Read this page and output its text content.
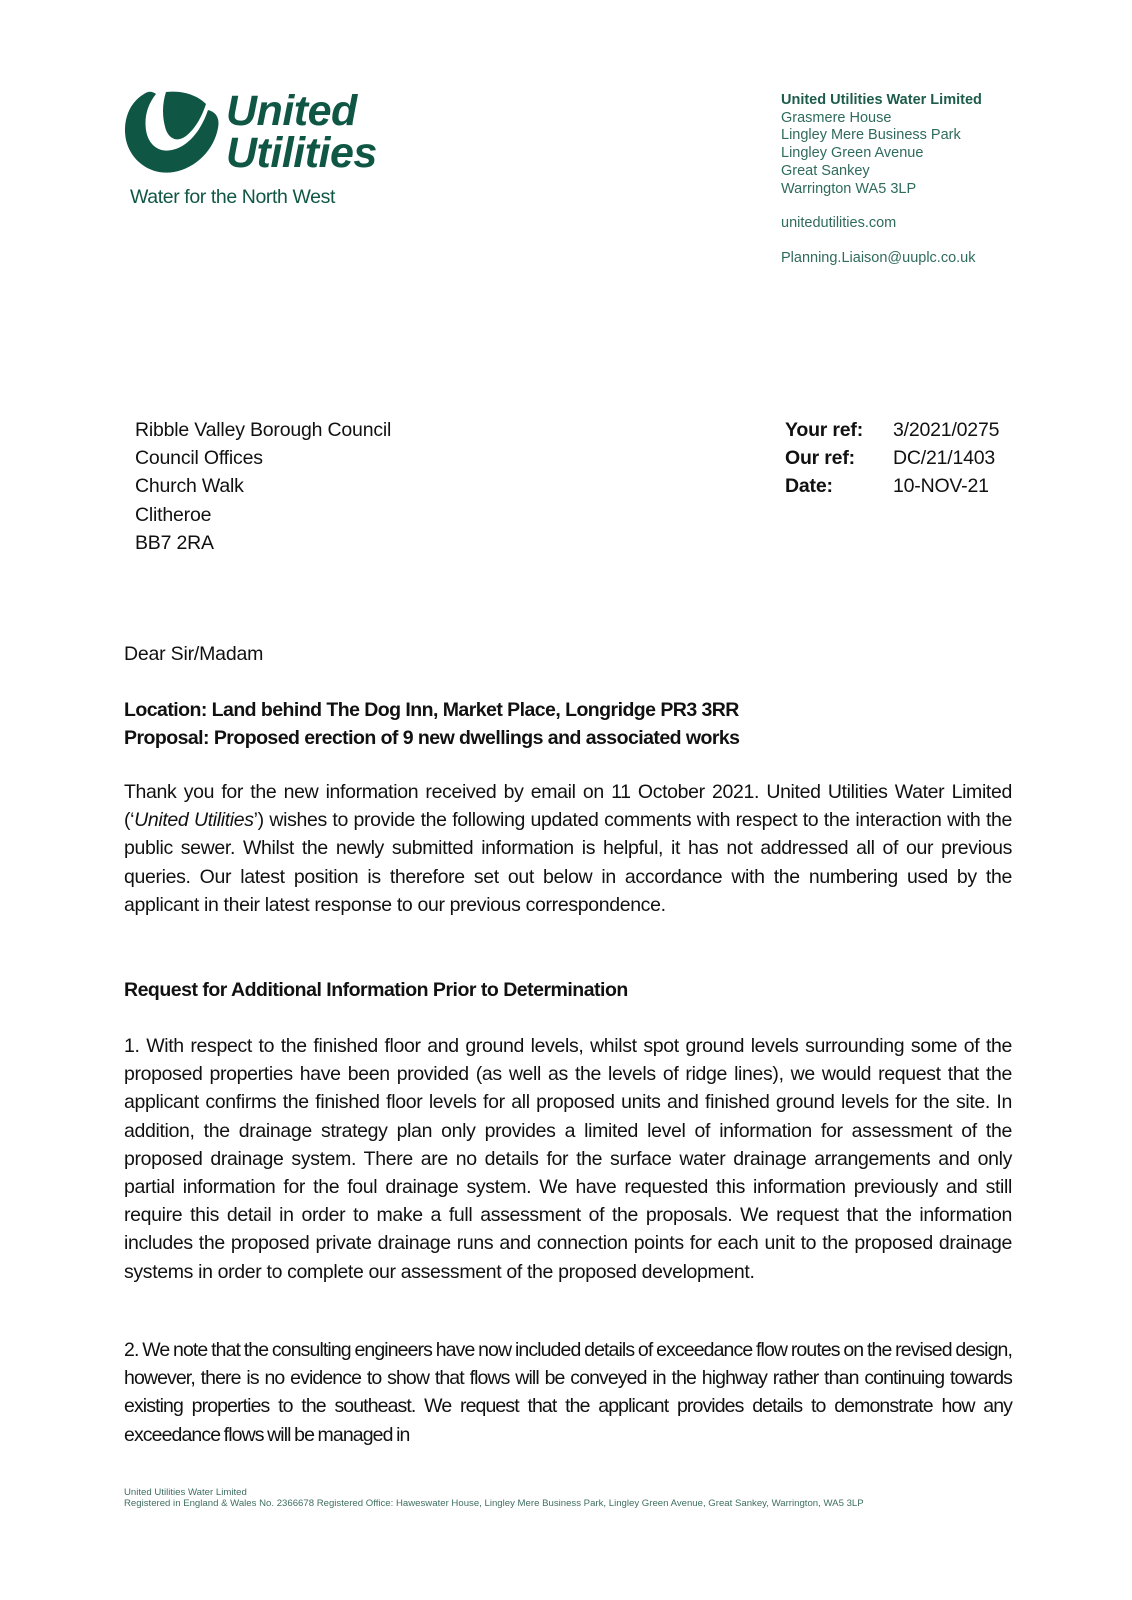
United
Utilities
Water for the North West
United Utilities Water Limited
Grasmere House
Lingley Mere Business Park
Lingley Green Avenue
Great Sankey
Warrington WA5 3LP
unitedutilities.com
Planning.Liaison@uuplc.co.uk
Ribble Valley Borough Council
Council Offices
Church Walk
Clitheroe
BB7 2RA
Your ref:	3/2021/0275
Our ref:	DC/21/1403
Date:	10-NOV-21
Dear Sir/Madam
Location: Land behind The Dog Inn, Market Place, Longridge PR3 3RR
Proposal: Proposed erection of 9 new dwellings and associated works
Thank you for the new information received by email on 11 October 2021. United Utilities Water Limited (‘United Utilities’) wishes to provide the following updated comments with respect to the interaction with the public sewer. Whilst the newly submitted information is helpful, it has not addressed all of our previous queries. Our latest position is therefore set out below in accordance with the numbering used by the applicant in their latest response to our previous correspondence.
Request for Additional Information Prior to Determination
1. With respect to the finished floor and ground levels, whilst spot ground levels surrounding some of the proposed properties have been provided (as well as the levels of ridge lines), we would request that the applicant confirms the finished floor levels for all proposed units and finished ground levels for the site. In addition, the drainage strategy plan only provides a limited level of information for assessment of the proposed drainage system. There are no details for the surface water drainage arrangements and only partial information for the foul drainage system. We have requested this information previously and still require this detail in order to make a full assessment of the proposals. We request that the information includes the proposed private drainage runs and connection points for each unit to the proposed drainage systems in order to complete our assessment of the proposed development.
2. We note that the consulting engineers have now included details of exceedance flow routes on the revised design, however, there is no evidence to show that flows will be conveyed in the highway rather than continuing towards existing properties to the southeast. We request that the applicant provides details to demonstrate how any exceedance flows will be managed in
United Utilities Water Limited
Registered in England & Wales No. 2366678 Registered Office: Haweswater House, Lingley Mere Business Park, Lingley Green Avenue, Great Sankey, Warrington, WA5 3LP
